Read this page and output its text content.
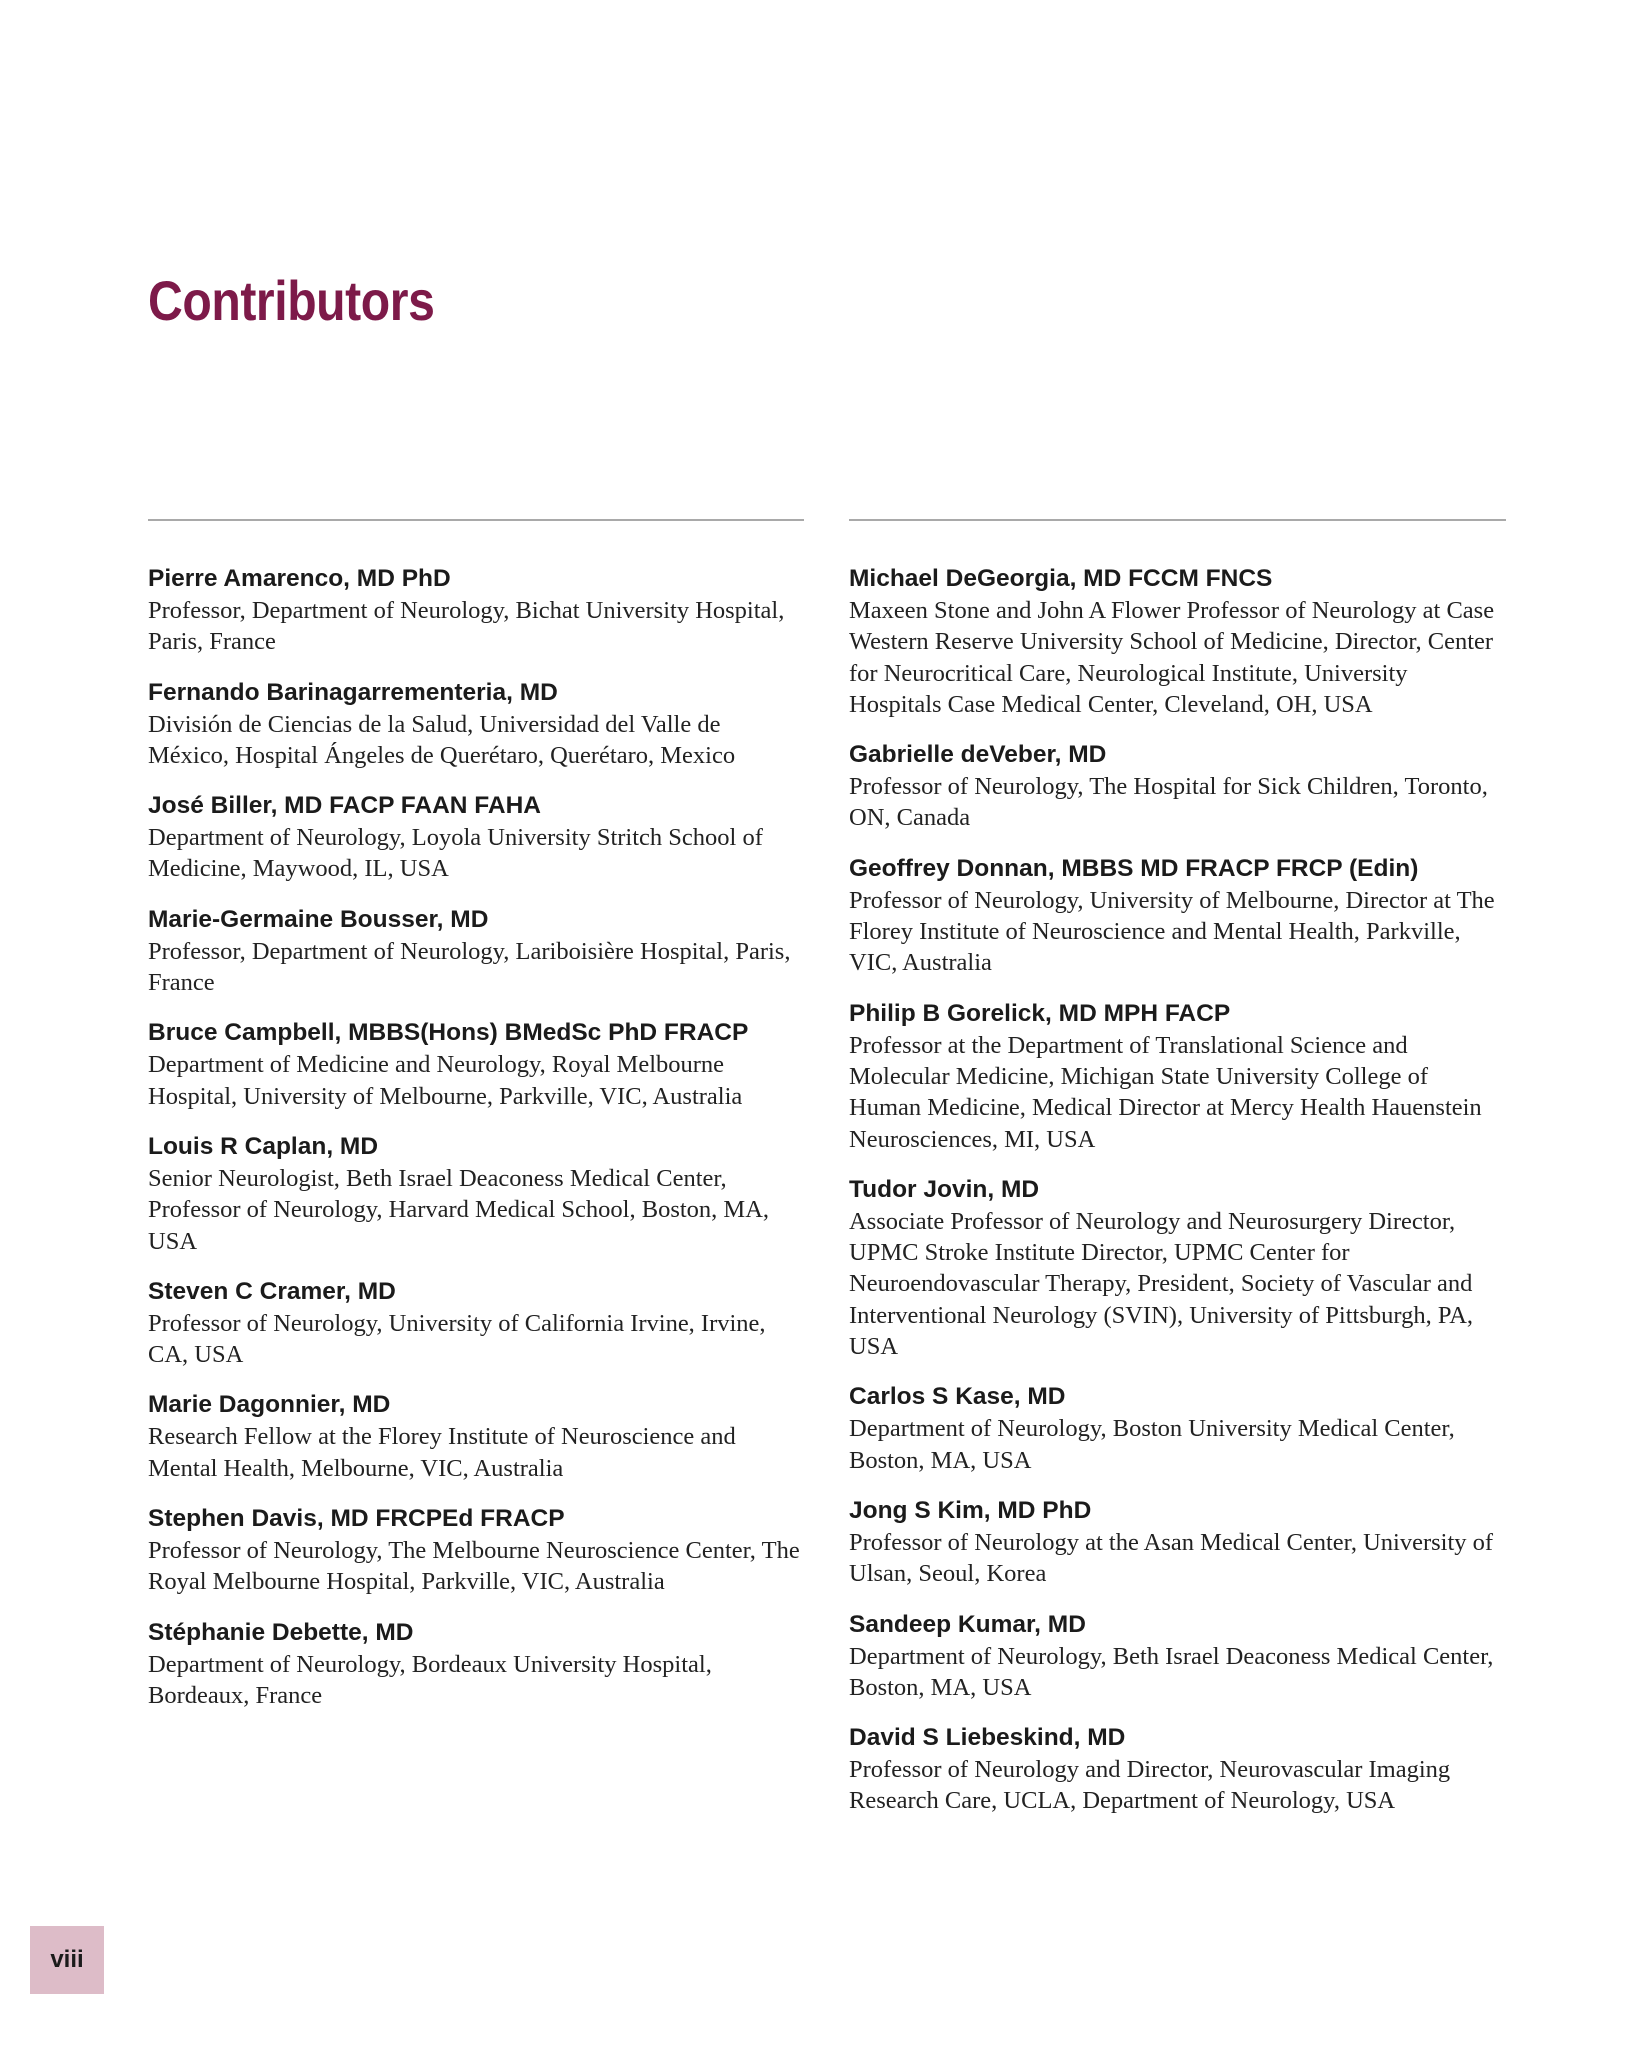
Contributors
Pierre Amarenco, MD PhD
Professor, Department of Neurology, Bichat University Hospital, Paris, France
Fernando Barinagarrementeria, MD
División de Ciencias de la Salud, Universidad del Valle de México, Hospital Ángeles de Querétaro, Querétaro, Mexico
José Biller, MD FACP FAAN FAHA
Department of Neurology, Loyola University Stritch School of Medicine, Maywood, IL, USA
Marie-Germaine Bousser, MD
Professor, Department of Neurology, Lariboisière Hospital, Paris, France
Bruce Campbell, MBBS(Hons) BMedSc PhD FRACP
Department of Medicine and Neurology, Royal Melbourne Hospital, University of Melbourne, Parkville, VIC, Australia
Louis R Caplan, MD
Senior Neurologist, Beth Israel Deaconess Medical Center, Professor of Neurology, Harvard Medical School, Boston, MA, USA
Steven C Cramer, MD
Professor of Neurology, University of California Irvine, Irvine, CA, USA
Marie Dagonnier, MD
Research Fellow at the Florey Institute of Neuroscience and Mental Health, Melbourne, VIC, Australia
Stephen Davis, MD FRCPEd FRACP
Professor of Neurology, The Melbourne Neuroscience Center, The Royal Melbourne Hospital, Parkville, VIC, Australia
Stéphanie Debette, MD
Department of Neurology, Bordeaux University Hospital, Bordeaux, France
Michael DeGeorgia, MD FCCM FNCS
Maxeen Stone and John A Flower Professor of Neurology at Case Western Reserve University School of Medicine, Director, Center for Neurocritical Care, Neurological Institute, University Hospitals Case Medical Center, Cleveland, OH, USA
Gabrielle deVeber, MD
Professor of Neurology, The Hospital for Sick Children, Toronto, ON, Canada
Geoffrey Donnan, MBBS MD FRACP FRCP (Edin)
Professor of Neurology, University of Melbourne, Director at The Florey Institute of Neuroscience and Mental Health, Parkville, VIC, Australia
Philip B Gorelick, MD MPH FACP
Professor at the Department of Translational Science and Molecular Medicine, Michigan State University College of Human Medicine, Medical Director at Mercy Health Hauenstein Neurosciences, MI, USA
Tudor Jovin, MD
Associate Professor of Neurology and Neurosurgery Director, UPMC Stroke Institute Director, UPMC Center for Neuroendovascular Therapy, President, Society of Vascular and Interventional Neurology (SVIN), University of Pittsburgh, PA, USA
Carlos S Kase, MD
Department of Neurology, Boston University Medical Center, Boston, MA, USA
Jong S Kim, MD PhD
Professor of Neurology at the Asan Medical Center, University of Ulsan, Seoul, Korea
Sandeep Kumar, MD
Department of Neurology, Beth Israel Deaconess Medical Center, Boston, MA, USA
David S Liebeskind, MD
Professor of Neurology and Director, Neurovascular Imaging Research Care, UCLA, Department of Neurology, USA
viii
